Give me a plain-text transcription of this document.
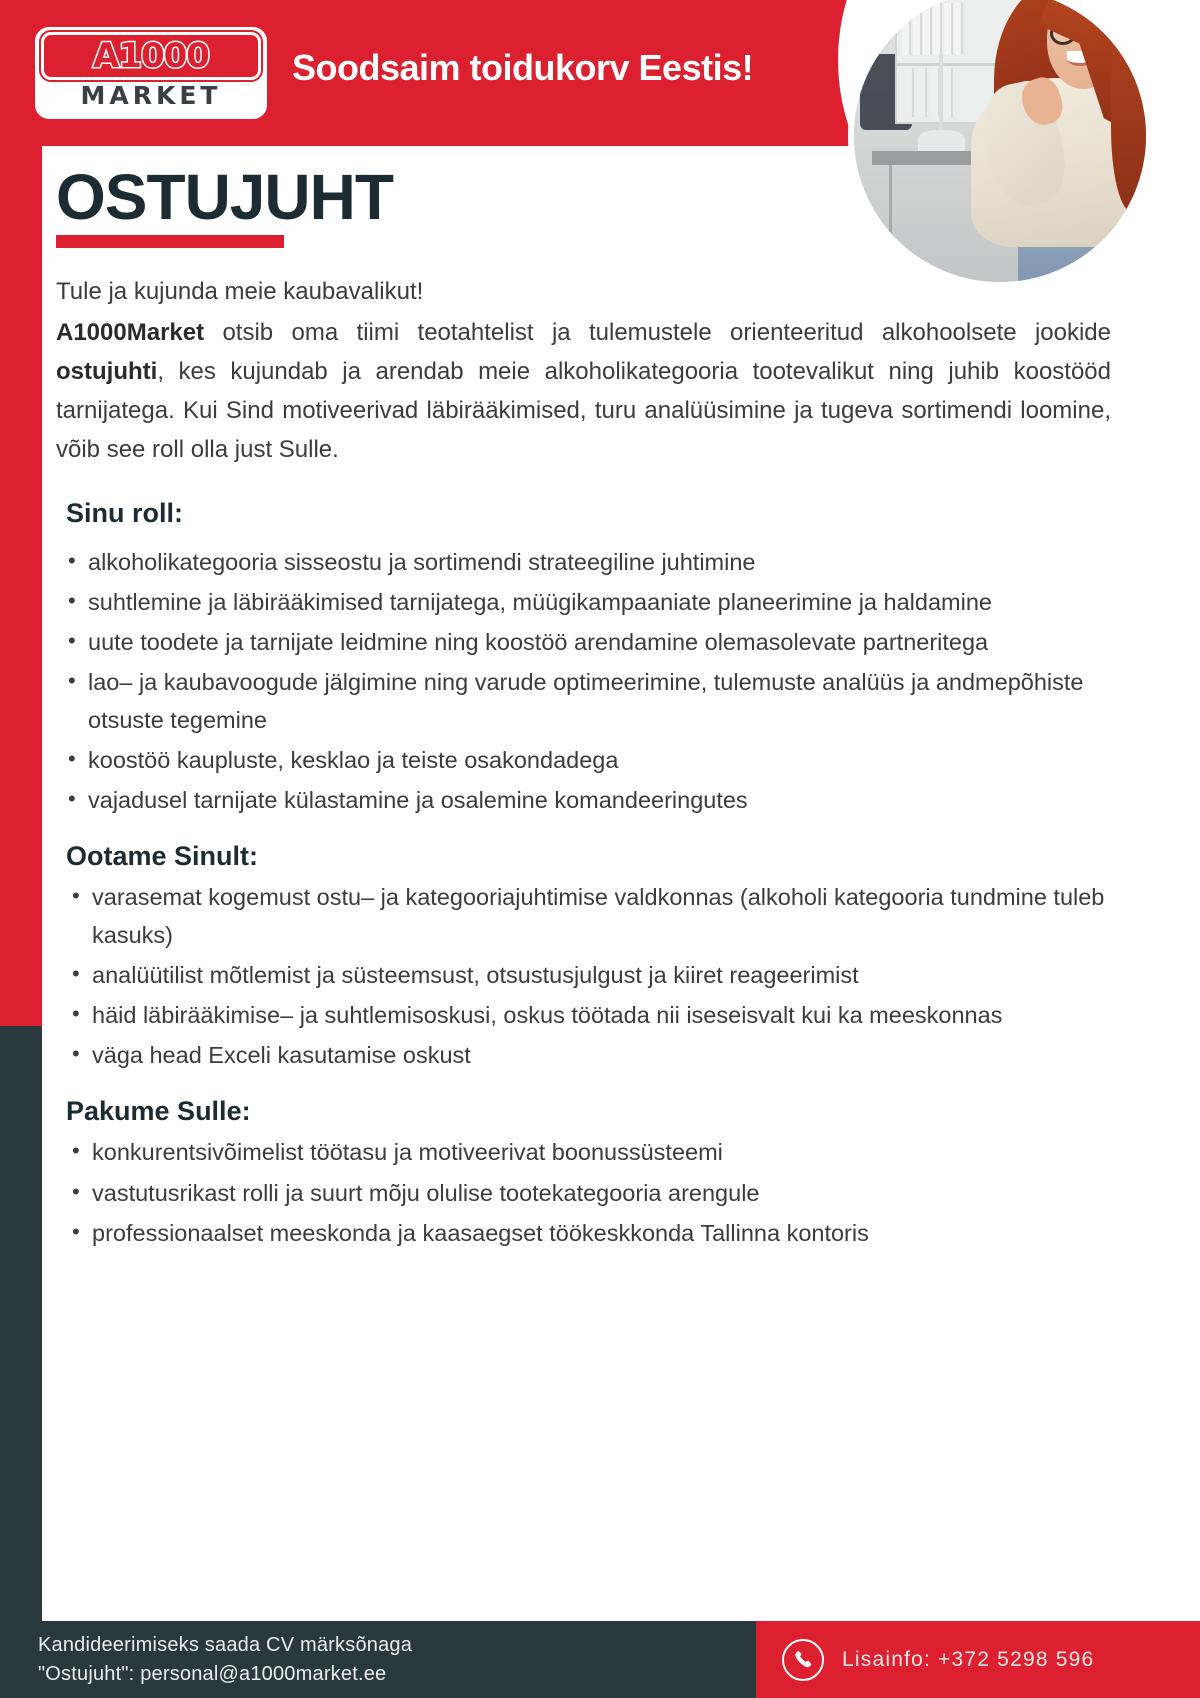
A1000
MARKET
Soodsaim toidukorv Eestis!
OSTUJUHT
Tule ja kujunda meie kaubavalikut!

A1000Market otsib oma tiimi teotahtelist ja tulemustele orienteeritud alkohoolsete jookide ostujuhti, kes kujundab ja arendab meie alkoholikategooria tootevalikut ning juhib koostööd tarnijatega. Kui Sind motiveerivad läbirääkimised, turu analüüsimine ja tugeva sortimendi loomine, võib see roll olla just Sulle.

Sinu roll:
• alkoholikategooria sisseostu ja sortimendi strateegiline juhtimine
• suhtlemine ja läbirääkimised tarnijatega, müügikampaaniate planeerimine ja haldamine
• uute toodete ja tarnijate leidmine ning koostöö arendamine olemasolevate partneritega
• lao– ja kaubavoogude jälgimine ning varude optimeerimine, tulemuste analüüs ja andmepõhiste otsuste tegemine
• koostöö kaupluste, kesklao ja teiste osakondadega
• vajadusel tarnijate külastamine ja osalemine komandeeringutes
Ootame Sinult:
• varasemat kogemust ostu– ja kategooriajuhtimise valdkonnas (alkoholi kategooria tundmine tuleb kasuks)
• analüütilist mõtlemist ja süsteemsust, otsustusjulgust ja kiiret reageerimist
• häid läbirääkimise– ja suhtlemisoskusi, oskus töötada nii iseseisvalt kui ka meeskonnas
• väga head Exceli kasutamise oskust
Pakume Sulle:
• konkurentsivõimelist töötasu ja motiveerivat boonussüsteemi
• vastutusrikast rolli ja suurt mõju olulise tootekategooria arengule
• professionaalset meeskonda ja kaasaegset töökeskkonda Tallinna kontoris
Kandideerimiseks saada CV märksõnaga
"Ostujuht": personal@a1000market.ee
Lisainfo: +372 5298 596
